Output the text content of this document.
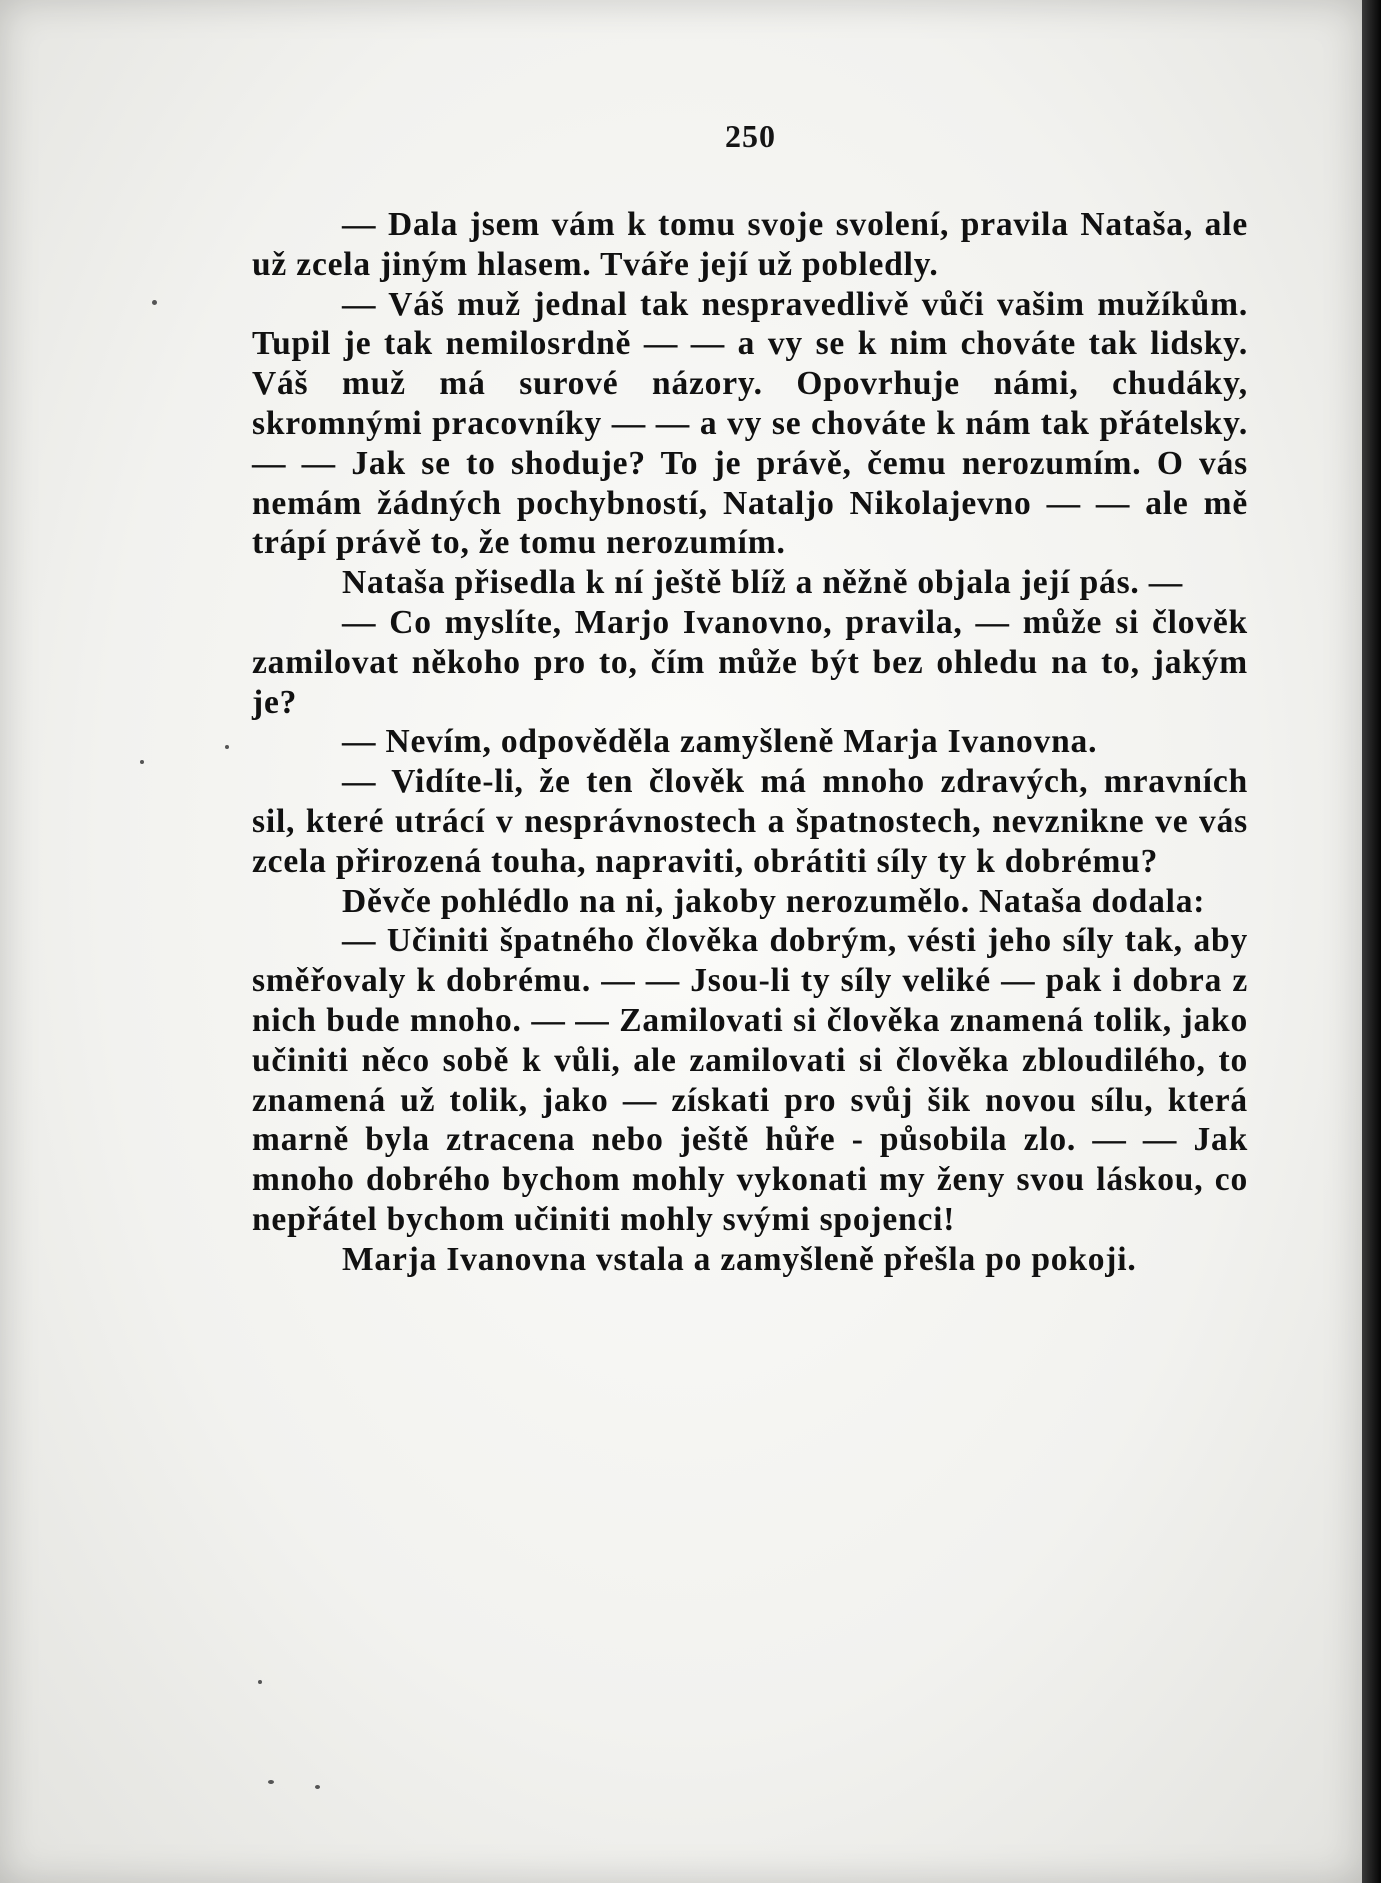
250

— Dala jsem vám k tomu svoje svolení, pravila Nataša, ale už zcela jiným hlasem. Tváře její už pobledly.

— Váš muž jednal tak nespravedlivě vůči vašim mužíkům. Tupil je tak nemilosrdně — — a vy se k nim chováte tak lidsky. Váš muž má surové názory. Opovrhuje námi, chudáky, skromnými pracovníky — — a vy se chováte k nám tak přátelsky. — — Jak se to shoduje? To je právě, čemu nerozumím. O vás nemám žádných pochybností, Nataljo Nikolajevno — — ale mě trápí právě to, že tomu nerozumím.

Nataša přisedla k ní ještě blíž a něžně objala její pás. —

— Co myslíte, Marjo Ivanovno, pravila, — může si člověk zamilovat někoho pro to, čím může být bez ohledu na to, jakým je?

— Nevím, odpověděla zamyšleně Marja Ivanovna.

— Vidíte-li, že ten člověk má mnoho zdravých, mravních sil, které utrácí v nesprávnostech a špatnostech, nevznikne ve vás zcela přirozená touha, napraviti, obrátiti síly ty k dobrému?

Děvče pohlédlo na ni, jakoby nerozumělo. Nataša dodala:

— Učiniti špatného člověka dobrým, vésti jeho síly tak, aby směřovaly k dobrému. — — Jsou-li ty síly veliké — pak i dobra z nich bude mnoho. — — Zamilovati si člověka znamená tolik, jako učiniti něco sobě k vůli, ale zamilovati si člověka zbloudilého, to znamená už tolik, jako — získati pro svůj šik novou sílu, která marně byla ztracena nebo ještě hůře - působila zlo. — — Jak mnoho dobrého bychom mohly vykonati my ženy svou láskou, co nepřátel bychom učiniti mohly svými spojenci!

Marja Ivanovna vstala a zamyšleně přešla po pokoji.
